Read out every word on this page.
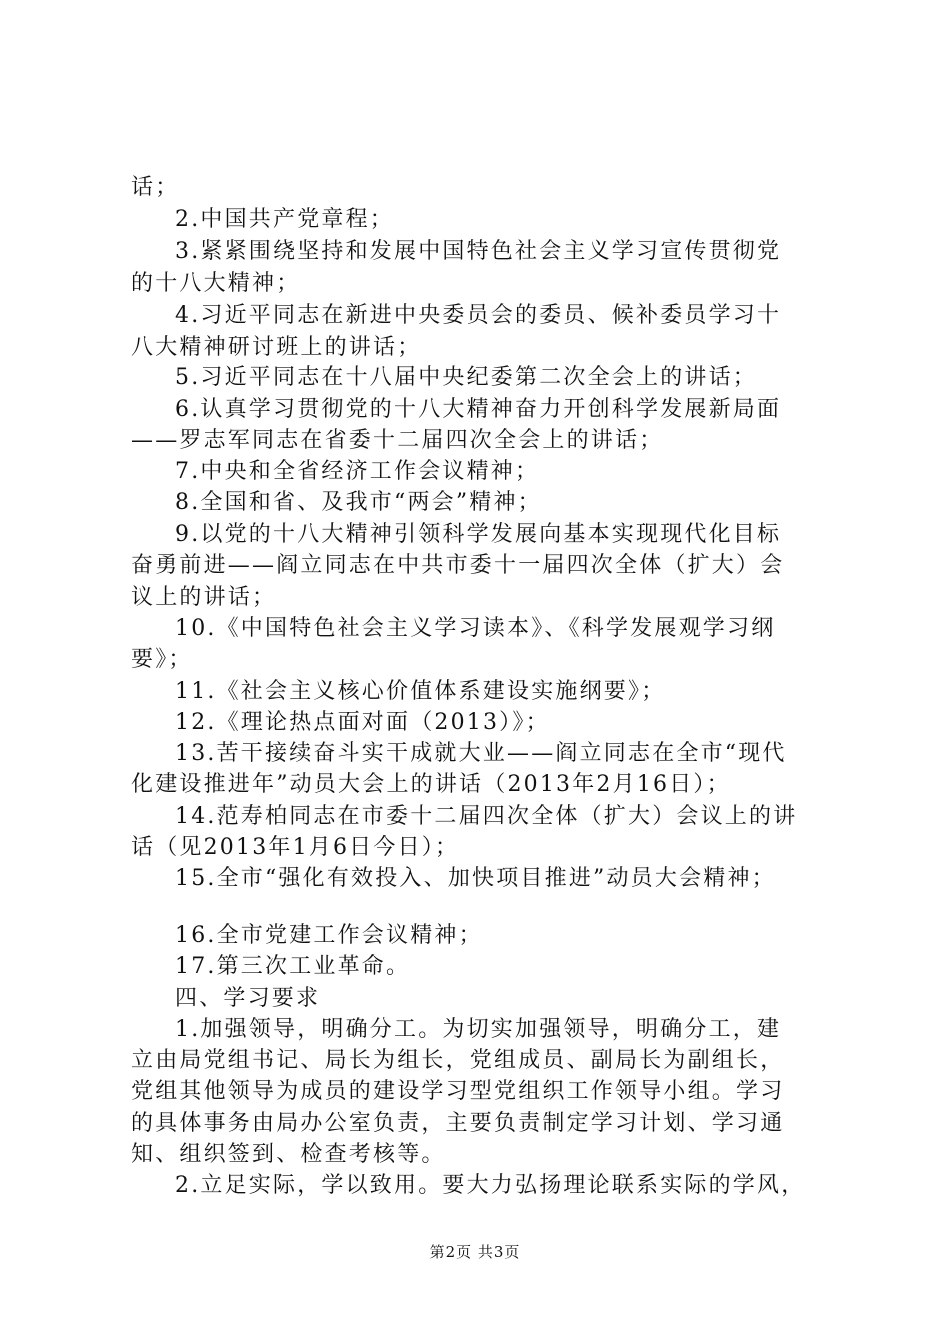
话；
2.中国共产党章程；
3.紧紧围绕坚持和发展中国特色社会主义学习宣传贯彻党
的十八大精神；
4.习近平同志在新进中央委员会的委员、候补委员学习十
八大精神研讨班上的讲话；
5.习近平同志在十八届中央纪委第二次全会上的讲话；
6.认真学习贯彻党的十八大精神奋力开创科学发展新局面
——罗志军同志在省委十二届四次全会上的讲话；
7.中央和全省经济工作会议精神；
8.全国和省、及我市“两会”精神；
9.以党的十八大精神引领科学发展向基本实现现代化目标
奋勇前进——阎立同志在中共市委十一届四次全体（扩大）会
议上的讲话；
10.《中国特色社会主义学习读本》、《科学发展观学习纲
要》；
11.《社会主义核心价值体系建设实施纲要》；
12.《理论热点面对面（2013）》；
13.苦干接续奋斗实干成就大业——阎立同志在全市“现代
化建设推进年”动员大会上的讲话（2013年2月16日）；
14.范寿柏同志在市委十二届四次全体（扩大）会议上的讲
话（见2013年1月6日今日）；
15.全市“强化有效投入、加快项目推进”动员大会精神；
16.全市党建工作会议精神；
17.第三次工业革命。
四、学习要求
1.加强领导，明确分工。为切实加强领导，明确分工，建
立由局党组书记、局长为组长，党组成员、副局长为副组长，
党组其他领导为成员的建设学习型党组织工作领导小组。学习
的具体事务由局办公室负责，主要负责制定学习计划、学习通
知、组织签到、检查考核等。
2.立足实际，学以致用。要大力弘扬理论联系实际的学风，
第2页 共3页
